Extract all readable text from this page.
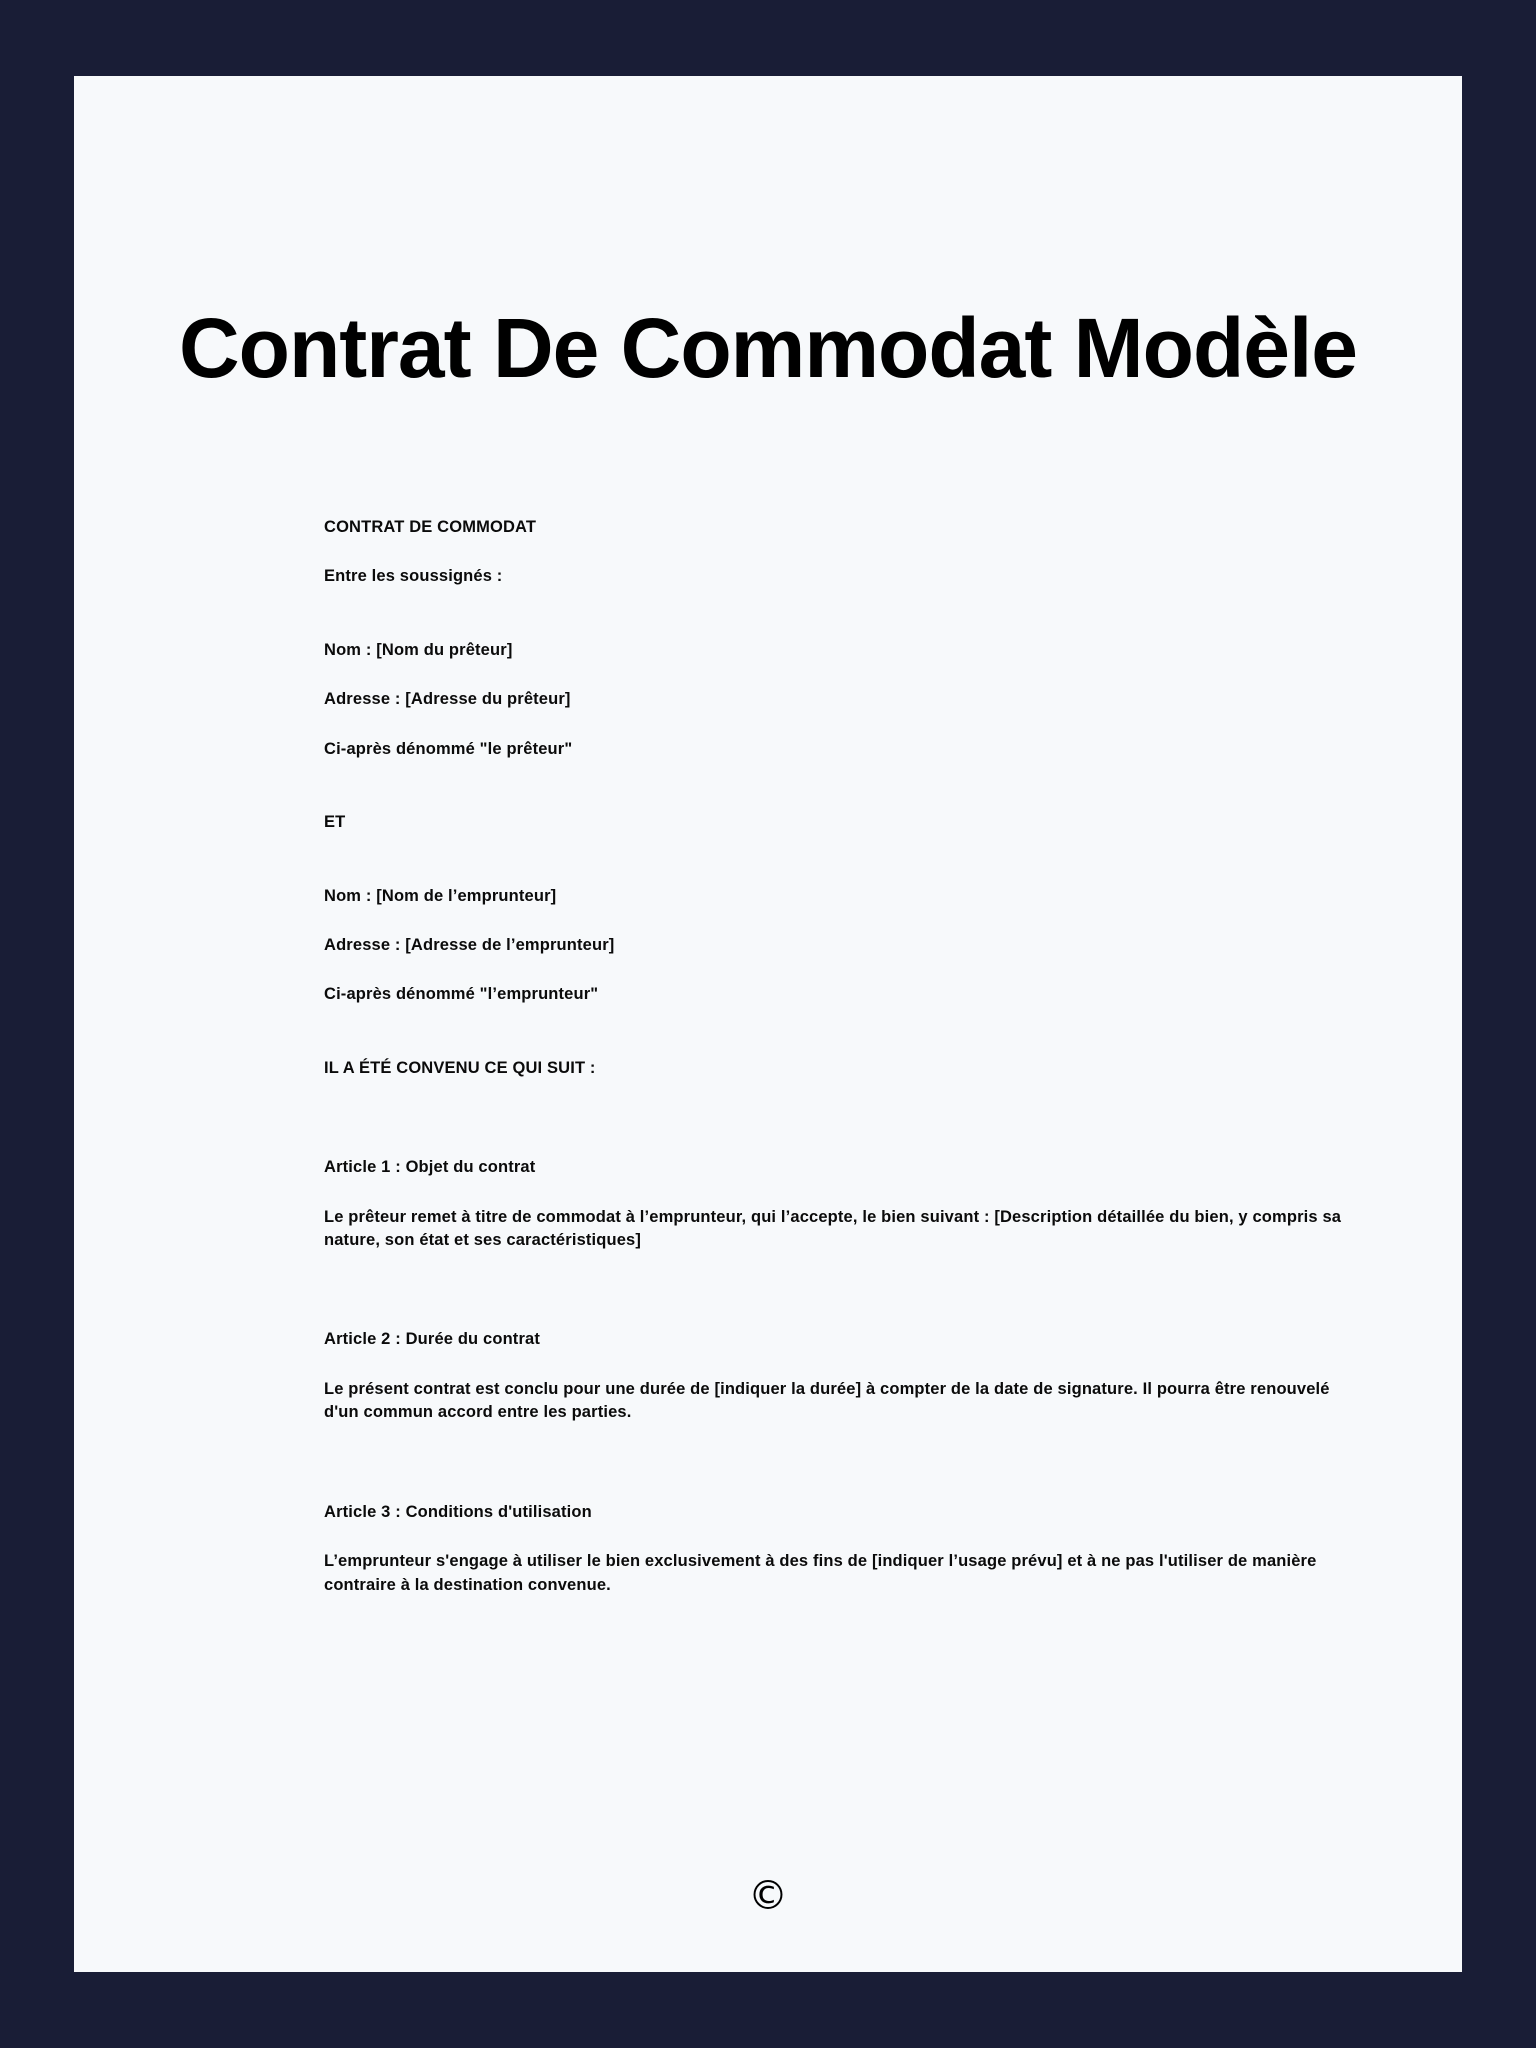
Contrat De Commodat Modèle
CONTRAT DE COMMODAT
Entre les soussignés :
Nom : [Nom du prêteur]
Adresse : [Adresse du prêteur]
Ci-après dénommé "le prêteur"
ET
Nom : [Nom de l’emprunteur]
Adresse : [Adresse de l’emprunteur]
Ci-après dénommé "l’emprunteur"
IL A ÉTÉ CONVENU CE QUI SUIT :
Article 1 : Objet du contrat
Le prêteur remet à titre de commodat à l’emprunteur, qui l’accepte, le bien suivant : [Description détaillée du bien, y compris sa nature, son état et ses caractéristiques]
Article 2 : Durée du contrat
Le présent contrat est conclu pour une durée de [indiquer la durée] à compter de la date de signature. Il pourra être renouvelé d'un commun accord entre les parties.
Article 3 : Conditions d'utilisation
L’emprunteur s'engage à utiliser le bien exclusivement à des fins de [indiquer l’usage prévu] et à ne pas l'utiliser de manière contraire à la destination convenue.
©
